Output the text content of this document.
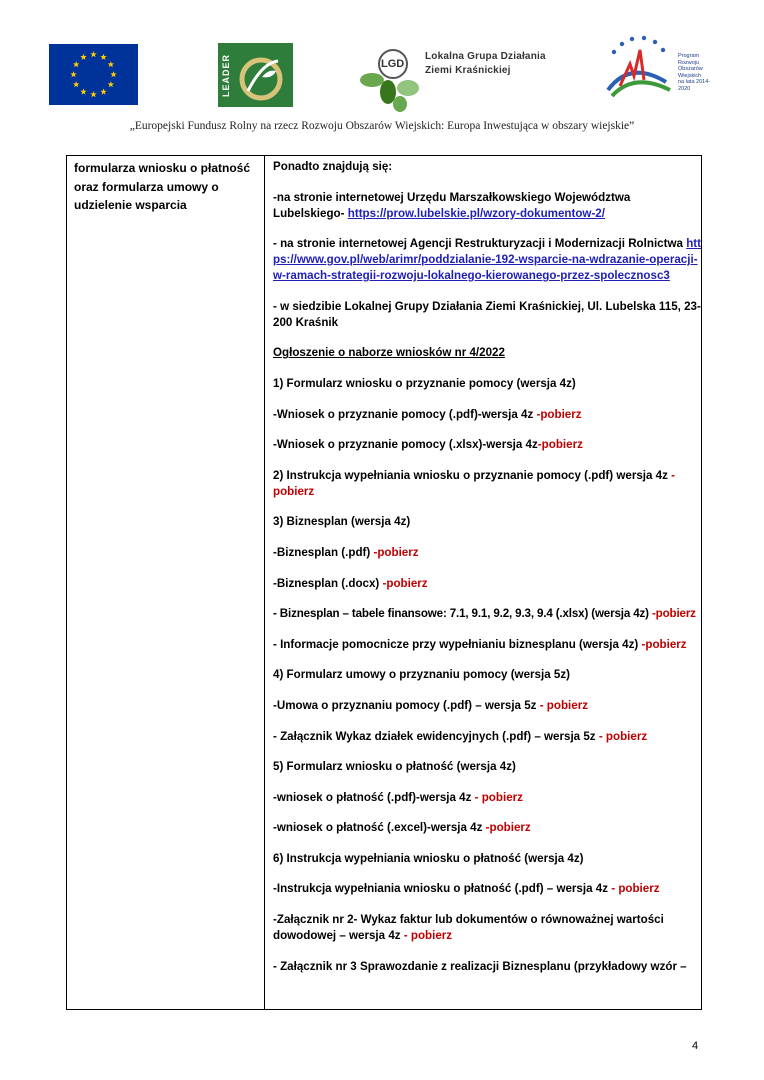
LEADER	LGD
Lokalna Grupa Działania
Ziemi Kraśnickiej
Program
Rozwoju
Obszarów
Wiejskich
na lata 2014-2020
„Europejski Fundusz Rolny na rzecz Rozwoju Obszarów Wiejskich: Europa Inwestująca w obszary wiejskie”
formularza wniosku o płatność oraz formularza umowy o udzielenie wsparcia

Ponadto znajdują się:

-na stronie internetowej Urzędu Marszałkowskiego Województwa Lubelskiego- https://prow.lubelskie.pl/wzory-dokumentow-2/

- na stronie internetowej Agencji Restrukturyzacji i Modernizacji Rolnictwa https://www.gov.pl/web/arimr/poddzialanie-192-wsparcie-na-wdrazanie-operacji-w-ramach-strategii-rozwoju-lokalnego-kierowanego-przez-spolecznosc3

- w siedzibie Lokalnej Grupy Działania Ziemi Kraśnickiej, Ul. Lubelska 115, 23-200 Kraśnik

Ogłoszenie o naborze wniosków nr 4/2022

1) Formularz wniosku o przyznanie pomocy (wersja 4z)

-Wniosek o przyznanie pomocy (.pdf)-wersja 4z -pobierz

-Wniosek o przyznanie pomocy (.xlsx)-wersja 4z-pobierz

2) Instrukcja wypełniania wniosku o przyznanie pomocy (.pdf) wersja 4z - pobierz

3) Biznesplan (wersja 4z)

-Biznesplan (.pdf) -pobierz

-Biznesplan (.docx) -pobierz

- Biznesplan – tabele finansowe: 7.1, 9.1, 9.2, 9.3, 9.4 (.xlsx) (wersja 4z) -pobierz

- Informacje pomocnicze przy wypełnianiu biznesplanu (wersja 4z) -pobierz

4) Formularz umowy o przyznaniu pomocy (wersja 5z)

-Umowa o przyznaniu pomocy (.pdf) – wersja 5z - pobierz

- Załącznik Wykaz działek ewidencyjnych (.pdf) – wersja 5z - pobierz

5) Formularz wniosku o płatność (wersja 4z)

-wniosek o płatność (.pdf)-wersja 4z - pobierz

-wniosek o płatność (.excel)-wersja 4z -pobierz

6) Instrukcja wypełniania wniosku o płatność (wersja 4z)

-Instrukcja wypełniania wniosku o płatność (.pdf) – wersja 4z - pobierz

-Załącznik nr 2- Wykaz faktur lub dokumentów o równoważnej wartości dowodowej – wersja 4z - pobierz

- Załącznik nr 3 Sprawozdanie z realizacji Biznesplanu (przykładowy wzór –

4
